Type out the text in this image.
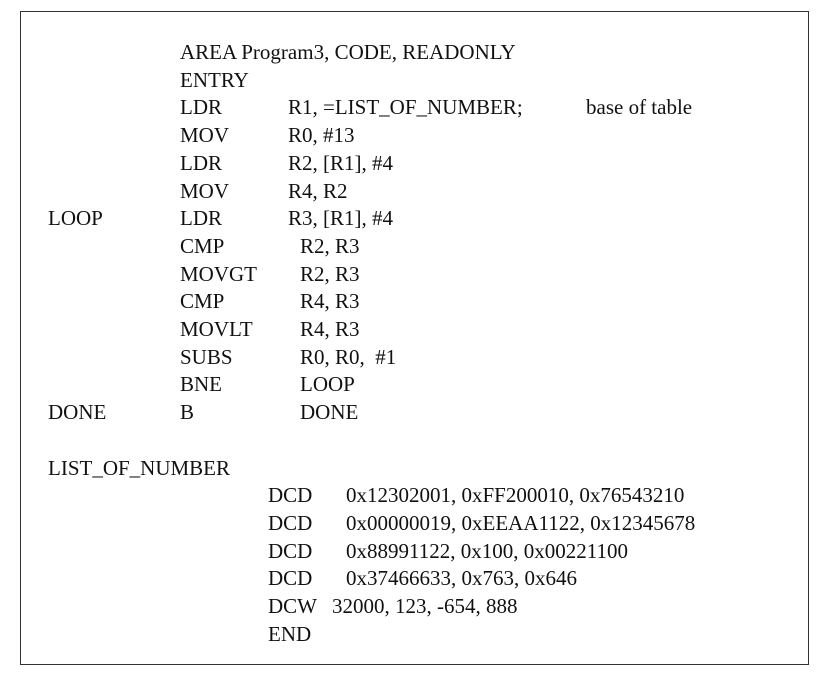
AREA Program3, CODE, READONLY
ENTRY
LDR	R1, =LIST_OF_NUMBER;	base of table
MOV	R0, #13
LDR	R2, [R1], #4
MOV	R4, R2
LOOP	LDR	R3, [R1], #4
CMP	R2, R3
MOVGT R2, R3
CMP	R4, R3
MOVLT R4, R3
SUBS	R0, R0,  #1
BNE	LOOP
DONE	B	DONE
LIST_OF_NUMBER
DCD 0x12302001, 0xFF200010, 0x76543210
DCD 0x00000019, 0xEEAA1122, 0x12345678
DCD 0x88991122, 0x100, 0x00221100
DCD 0x37466633, 0x763, 0x646
DCW 32000, 123, -654, 888
END
